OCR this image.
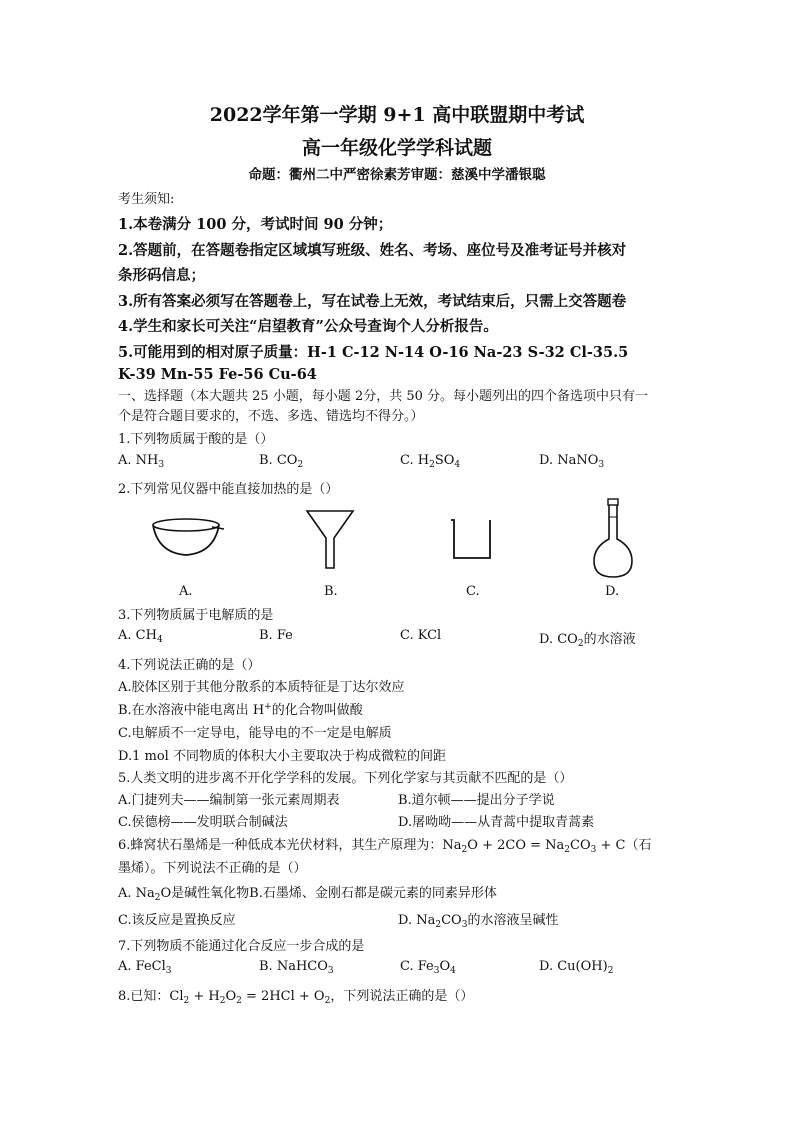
2022学年第一学期 9+1 高中联盟期中考试
高一年级化学学科试题
命题：衢州二中严密徐素芳审题：慈溪中学潘银聪
考生须知:
1.本卷满分 100 分，考试时间 90 分钟；
2.答题前，在答题卷指定区域填写班级、姓名、考场、座位号及准考证号并核对
条形码信息；
3.所有答案必须写在答题卷上，写在试卷上无效，考试结束后，只需上交答题卷
4.学生和家长可关注“启望教育”公众号查询个人分析报告。
5.可能用到的相对原子质量：H-1 C-12 N-14 O-16 Na-23 S-32 Cl-35.5
K-39 Mn-55 Fe-56 Cu-64
一、选择题（本大题共 25 小题，每小题 2分，共 50 分。每小题列出的四个备选项中只有一
个是符合题目要求的，不选、多选、错选均不得分。）
1.下列物质属于酸的是（）
A. $NH_3$	B. $CO_2$	C. $H_2SO_4$	D. NaNO$_3$
2.下列常见仪器中能直接加热的是（）
A.	B.	C.	D.
3.下列物质属于电解质的是
A. $CH_4$	B. Fe	C. KCl	D. $CO_2$的水溶液
4.下列说法正确的是（）
A.胶体区别于其他分散系的本质特征是丁达尔效应
B.在水溶液中能电离出 H+的化合物叫做酸
C.电解质不一定导电，能导电的不一定是电解质
D.1 mol 不同物质的体积大小主要取决于构成微粒的间距
5.人类文明的进步离不开化学学科的发展。下列化学家与其贡献不匹配的是（）
A.门捷列夫——编制第一张元素周期表	B.道尔顿——提出分子学说
C.侯德榜——发明联合制碱法	D.屠呦呦——从青蒿中提取青蒿素
6.蜂窝状石墨烯是一种低成本光伏材料，其生产原理为：$Na_2O + 2CO = Na_2CO_3 + C$（石
墨烯）。下列说法不正确的是（）
A. $Na_2O$是碱性氧化物B.石墨烯、金刚石都是碳元素的同素异形体
C.该反应是置换反应	D. $Na_2CO_3$的水溶液呈碱性
7.下列物质不能通过化合反应一步合成的是
A. FeCl$_3$	B. NaHCO$_3$	C. $Fe_3O_4$	D. $Cu(OH)_2$
8.已知：$Cl_2 + H_2O_2 = 2HCl + O_2$，下列说法正确的是（）
